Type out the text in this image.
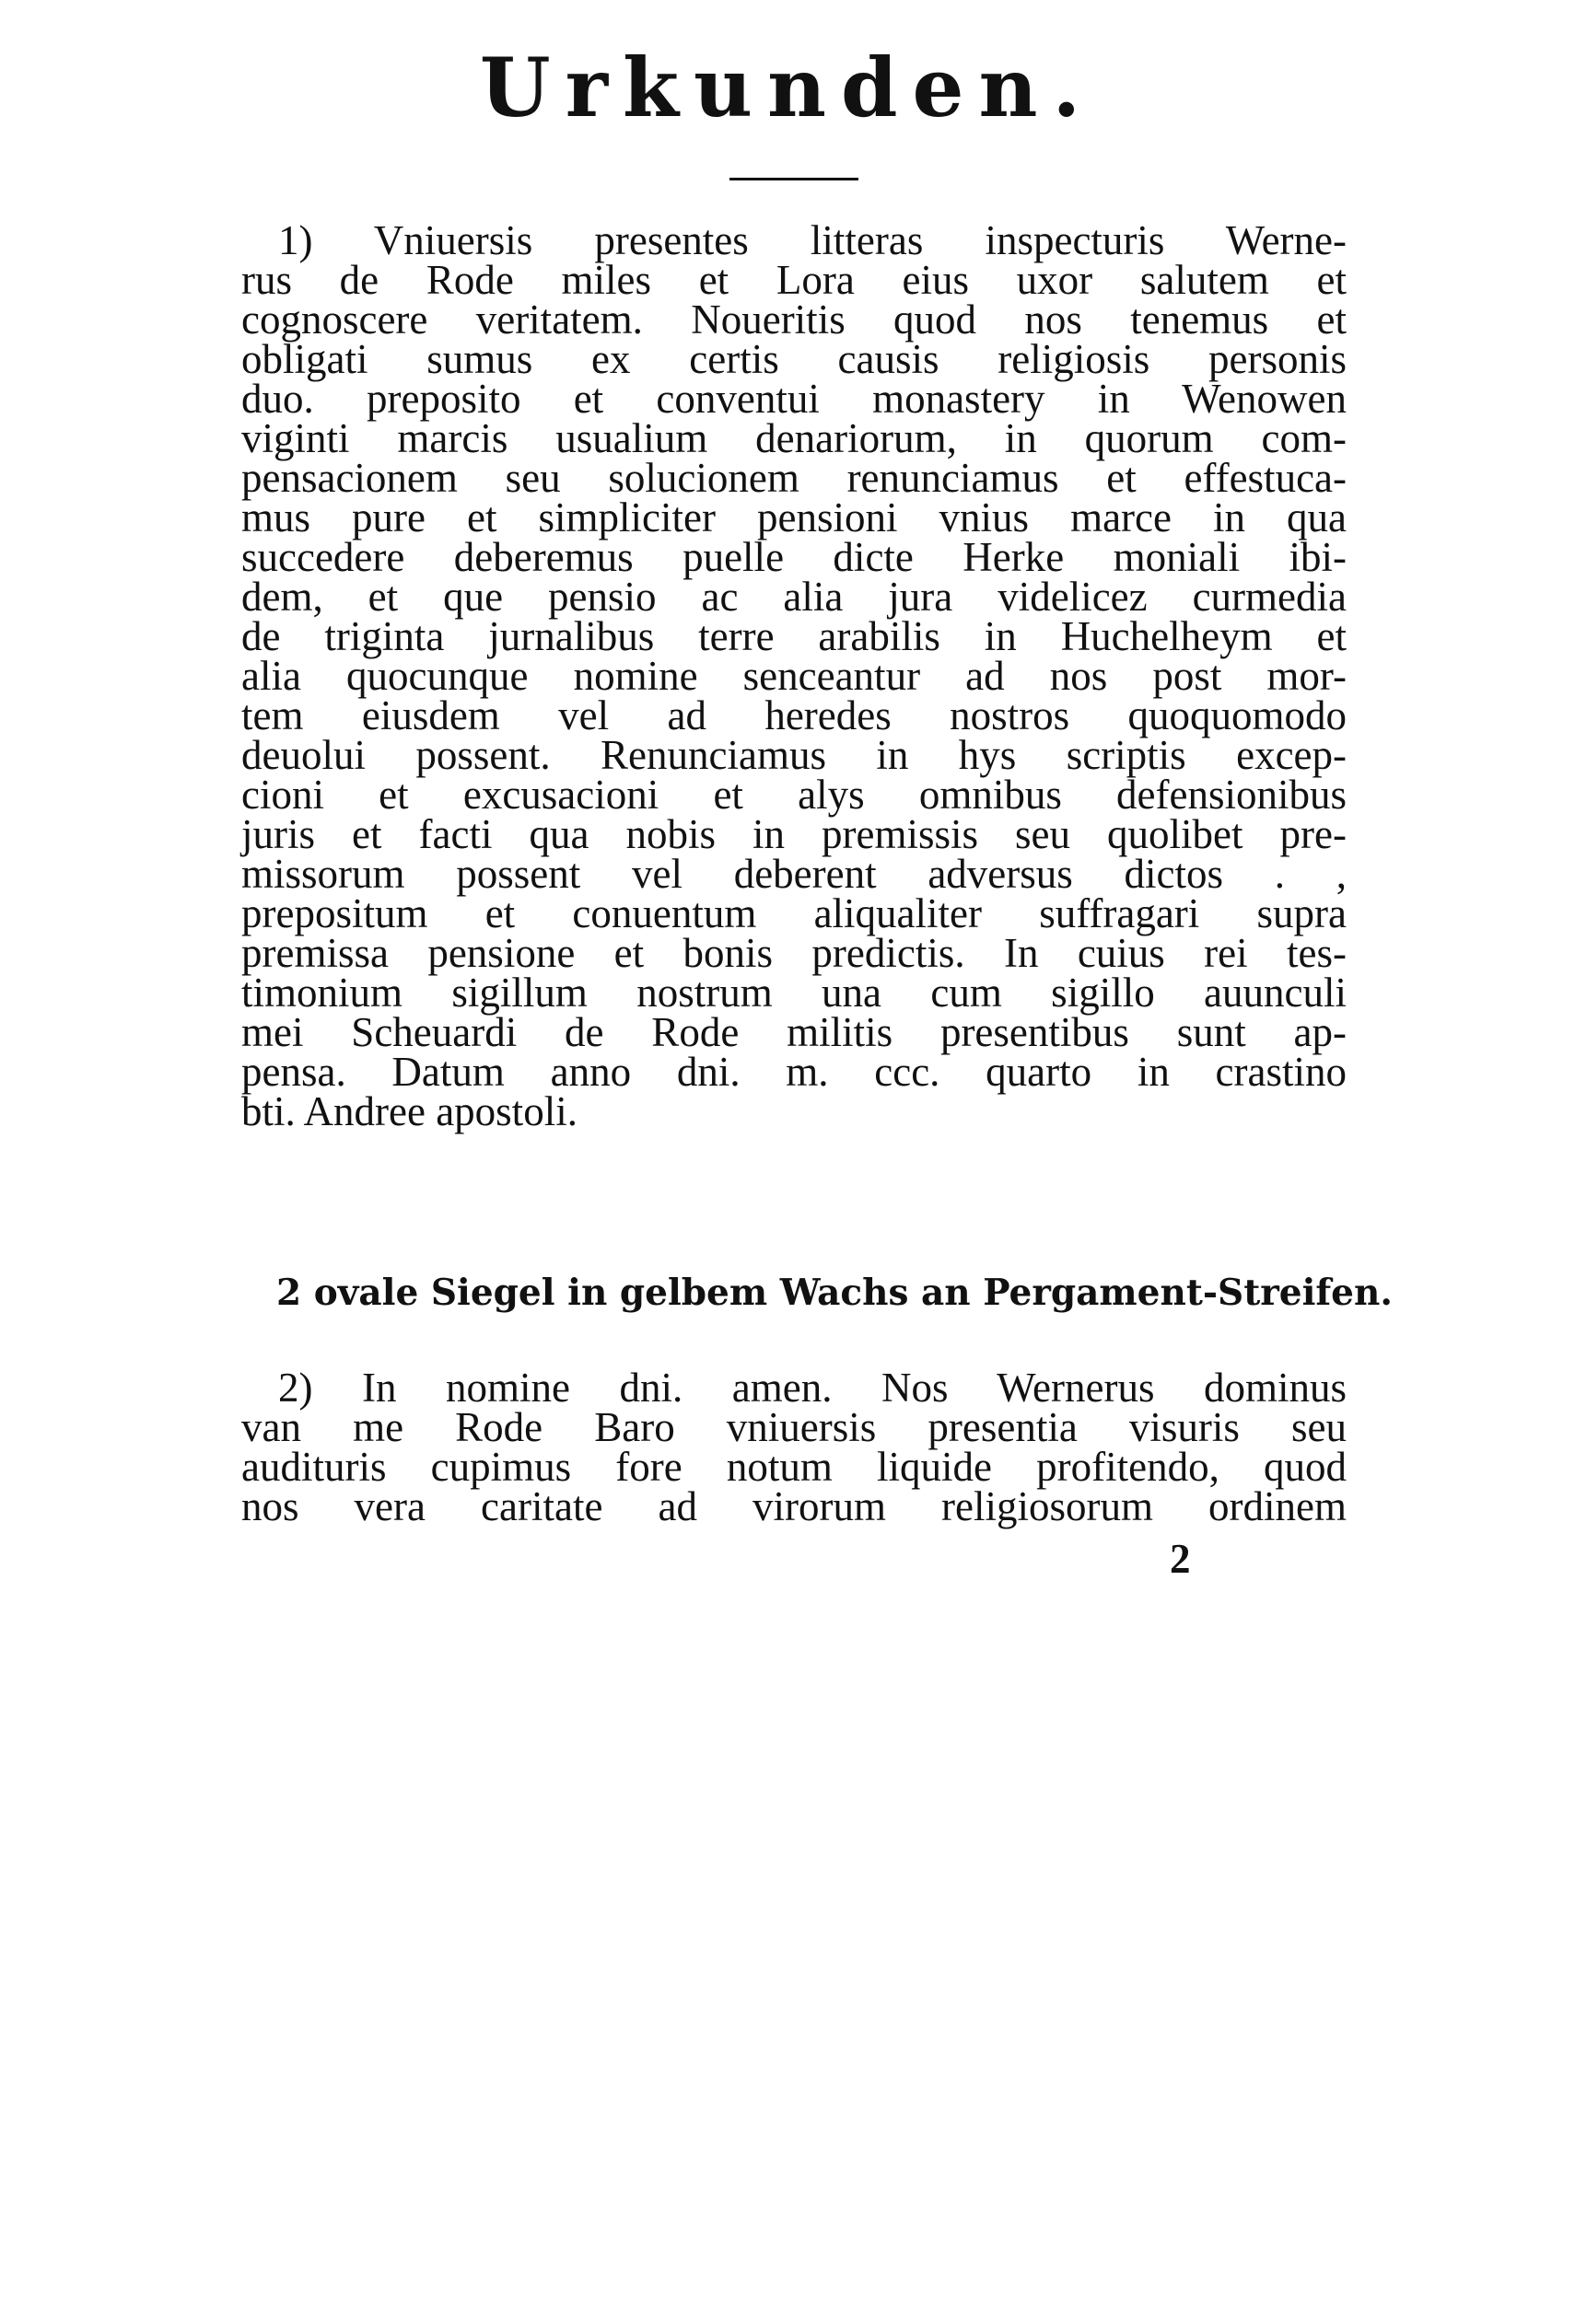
Urkunden.
1) Vniuersis presentes litteras inspecturis Werne-
rus de Rode miles et Lora eius uxor salutem et
cognoscere veritatem. Noueritis quod nos tenemus et
obligati sumus ex certis causis religiosis personis
duo. preposito et conventui monastery in Wenowen
viginti marcis usualium denariorum, in quorum com-
pensacionem seu solucionem renunciamus et effestuca-
mus pure et simpliciter pensioni vnius marce in qua
succedere deberemus puelle dicte Herke moniali ibi-
dem, et que pensio ac alia jura videlicez curmedia
de triginta jurnalibus terre arabilis in Huchelheym et
alia quocunque nomine senceantur ad nos post mor-
tem eiusdem vel ad heredes nostros quoquomodo
deuolui possent. Renunciamus in hys scriptis excep-
cioni et excusacioni et alys omnibus defensionibus
juris et facti qua nobis in premissis seu quolibet pre-
missorum possent vel deberent adversus dictos . ,
prepositum et conuentum aliqualiter suffragari supra
premissa pensione et bonis predictis. In cuius rei tes-
timonium sigillum nostrum una cum sigillo auunculi
mei Scheuardi de Rode militis presentibus sunt ap-
pensa. Datum anno dni. m. ccc. quarto in crastino
bti. Andree apostoli.
2 ovale Siegel in gelbem Wachs an Pergament-Streifen.
2) In nomine dni. amen. Nos Wernerus dominus
van me Rode Baro vniuersis presentia visuris seu
audituris cupimus fore notum liquide profitendo, quod
nos vera caritate ad virorum religiosorum ordinem
2
